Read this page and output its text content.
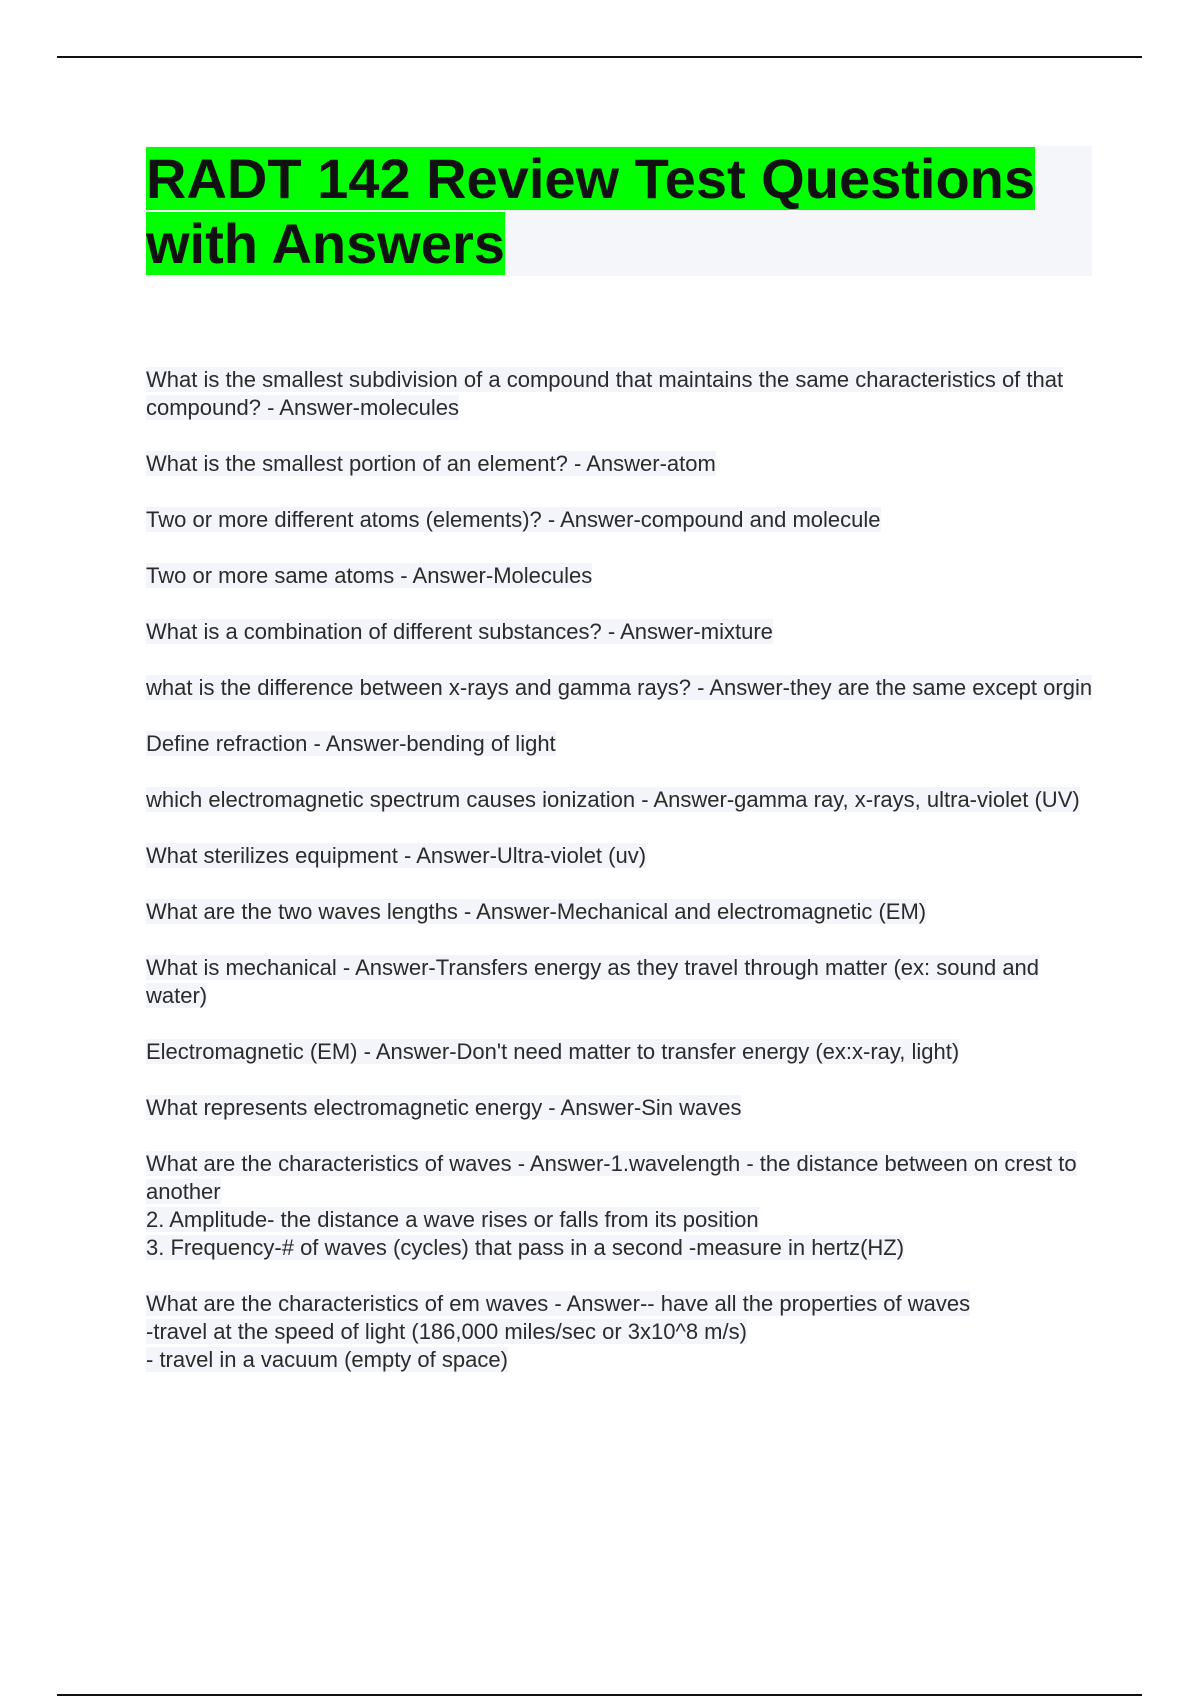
RADT 142 Review Test Questions with Answers
What is the smallest subdivision of a compound that maintains the same characteristics of that compound? - Answer-molecules
What is the smallest portion of an element? - Answer-atom
Two or more different atoms (elements)? - Answer-compound and molecule
Two or more same atoms - Answer-Molecules
What is a combination of different substances? - Answer-mixture
what is the difference between x-rays and gamma rays? - Answer-they are the same except orgin
Define refraction - Answer-bending of light
which electromagnetic spectrum causes ionization - Answer-gamma ray, x-rays, ultra-violet (UV)
What sterilizes equipment - Answer-Ultra-violet (uv)
What are the two waves lengths - Answer-Mechanical and electromagnetic (EM)
What is mechanical - Answer-Transfers energy as they travel through matter (ex: sound and water)
Electromagnetic (EM) - Answer-Don't need matter to transfer energy (ex:x-ray, light)
What represents electromagnetic energy - Answer-Sin waves
What are the characteristics of waves - Answer-1.wavelength - the distance between on crest to another
2. Amplitude- the distance a wave rises or falls from its position
3. Frequency-# of waves (cycles) that pass in a second -measure in hertz(HZ)
What are the characteristics of em waves - Answer-- have all the properties of waves
-travel at the speed of light (186,000 miles/sec or 3x10^8 m/s)
- travel in a vacuum (empty of space)
